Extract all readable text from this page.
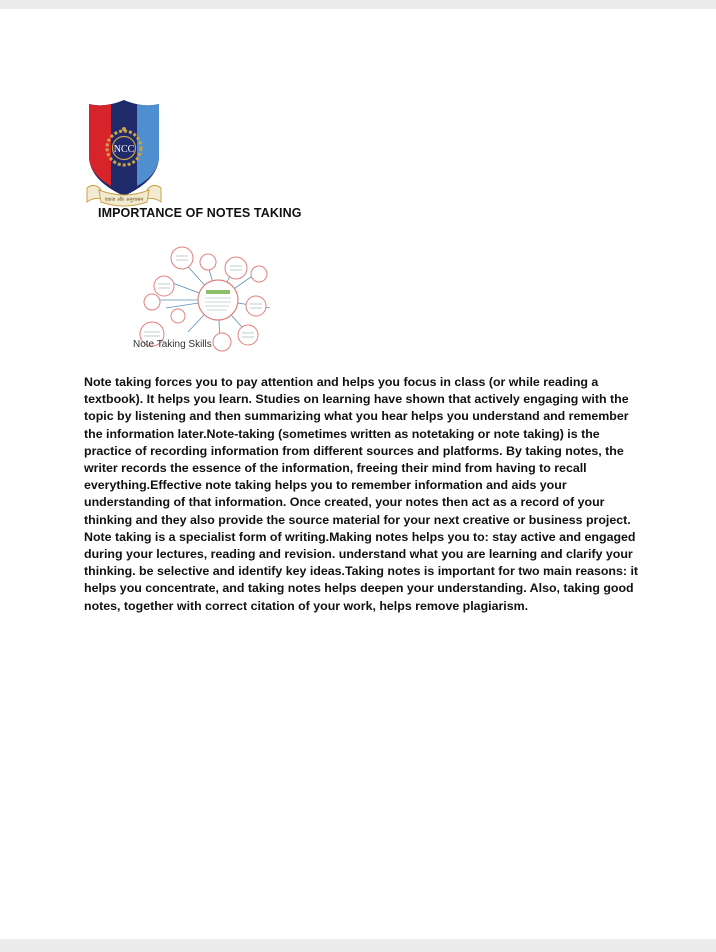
NCC
एकता और अनुशासन
IMPORTANCE OF NOTES TAKING
Note Taking Skills

Note taking forces you to pay attention and helps you focus in class (or while reading a textbook). It helps you learn. Studies on learning have shown that actively engaging with the topic by listening and then summarizing what you hear helps you understand and remember the information later.Note-taking (sometimes written as notetaking or note taking) is the practice of recording information from different sources and platforms. By taking notes, the writer records the essence of the information, freeing their mind from having to recall everything.Effective note taking helps you to remember information and aids your understanding of that information. Once created, your notes then act as a record of your thinking and they also provide the source material for your next creative or business project. Note taking is a specialist form of writing.Making notes helps you to: stay active and engaged during your lectures, reading and revision. understand what you are learning and clarify your thinking. be selective and identify key ideas.Taking notes is important for two main reasons: it helps you concentrate, and taking notes helps deepen your understanding. Also, taking good notes, together with correct citation of your work, helps remove plagiarism.
